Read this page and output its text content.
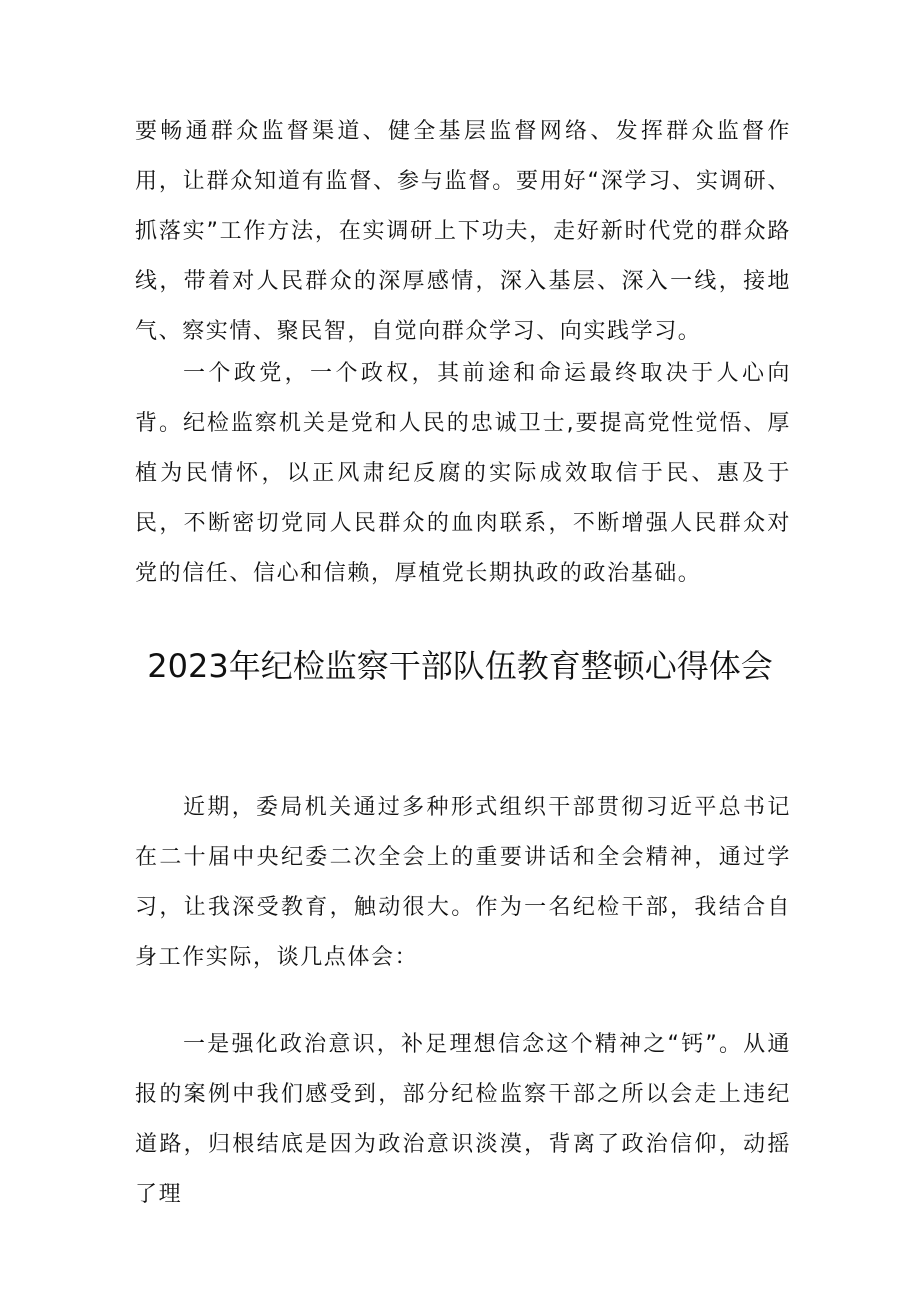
要畅通群众监督渠道、健全基层监督网络、发挥群众监督作用，让群众知道有监督、参与监督。要用好“深学习、实调研、抓落实”工作方法，在实调研上下功夫，走好新时代党的群众路线，带着对人民群众的深厚感情，深入基层、深入一线，接地气、察实情、聚民智，自觉向群众学习、向实践学习。

一个政党，一个政权，其前途和命运最终取决于人心向背。纪检监察机关是党和人民的忠诚卫士,要提高党性觉悟、厚植为民情怀，以正风肃纪反腐的实际成效取信于民、惠及于民，不断密切党同人民群众的血肉联系，不断增强人民群众对党的信任、信心和信赖，厚植党长期执政的政治基础。

2023年纪检监察干部队伍教育整顿心得体会

近期，委局机关通过多种形式组织干部贯彻习近平总书记在二十届中央纪委二次全会上的重要讲话和全会精神，通过学习，让我深受教育，触动很大。作为一名纪检干部，我结合自身工作实际，谈几点体会：

一是强化政治意识，补足理想信念这个精神之“钙”。从通报的案例中我们感受到，部分纪检监察干部之所以会走上违纪道路，归根结底是因为政治意识淡漠，背离了政治信仰，动摇了理
